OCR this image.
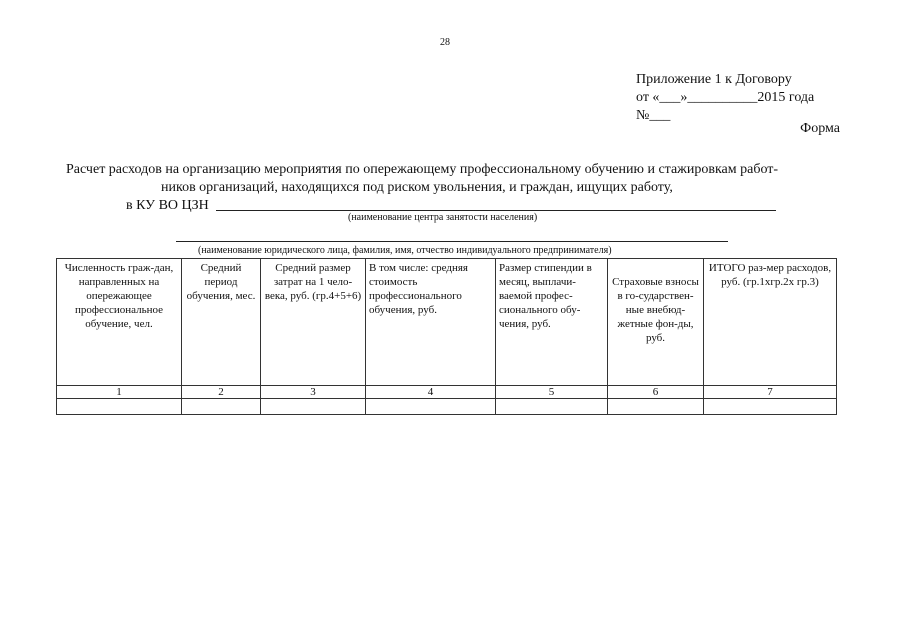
28
Приложение 1 к Договору
от «___»__________2015 года
№___
Форма
Расчет расходов на организацию мероприятия по опережающему профессиональному обучению и стажировкам работ-
ников организаций, находящихся под риском увольнения, и граждан, ищущих работу,
в КУ ВО ЦЗН
(наименование центра занятости населения)
(наименование юридического лица, фамилия, имя, отчество индивидуального предпринимателя)
Численность граж-дан, направленных на опережающее профессиональное обучение, чел.	Средний период обучения, мес.	Средний размер затрат на 1 чело-века, руб. (гр.4+5+6)	В том числе: средняя стоимость профессионального обучения, руб.	Размер стипендии в месяц, выплачи-ваемой профес-сионального обу-чения, руб.	Страховые взносы в го-сударствен-ные внебюд-жетные фон-ды, руб.	ИТОГО раз-мер расходов, руб. (гр.1хгр.2х гр.3)
1	2	3	4	5	6	7
